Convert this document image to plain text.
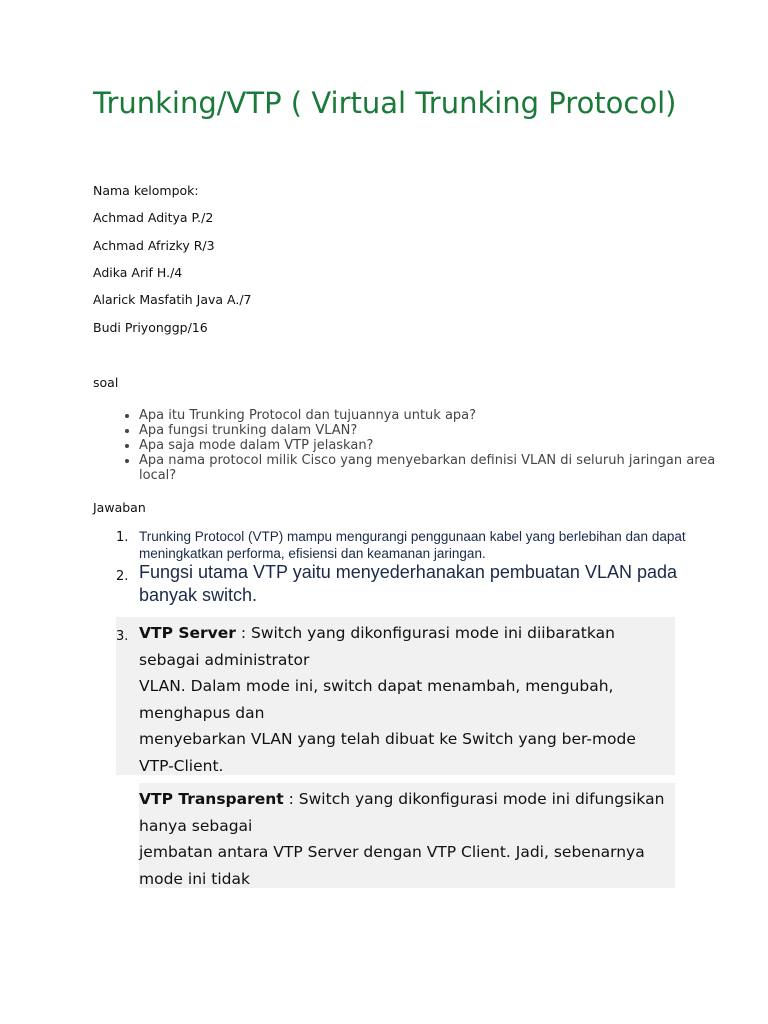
Trunking/VTP ( Virtual Trunking Protocol)
Nama kelompok:
Achmad Aditya P./2
Achmad Afrizky R/3
Adika Arif H./4
Alarick Masfatih Java A./7
Budi Priyonggp/16
soal
• Apa itu Trunking Protocol dan tujuannya untuk apa?
• Apa fungsi trunking dalam VLAN?
• Apa saja mode dalam VTP jelaskan?
• Apa nama protocol milik Cisco yang menyebarkan definisi VLAN di seluruh jaringan area local?
Jawaban
1. Trunking Protocol (VTP) mampu mengurangi penggunaan kabel yang berlebihan dan dapat meningkatkan performa, efisiensi dan keamanan jaringan.
2. Fungsi utama VTP yaitu menyederhanakan pembuatan VLAN pada banyak switch.
3. VTP Server : Switch yang dikonfigurasi mode ini diibaratkan sebagai administrator
VLAN. Dalam mode ini, switch dapat menambah, mengubah, menghapus dan
menyebarkan VLAN yang telah dibuat ke Switch yang ber-mode VTP-Client.
VTP Transparent : Switch yang dikonfigurasi mode ini difungsikan hanya sebagai
jembatan antara VTP Server dengan VTP Client. Jadi, sebenarnya mode ini tidak
